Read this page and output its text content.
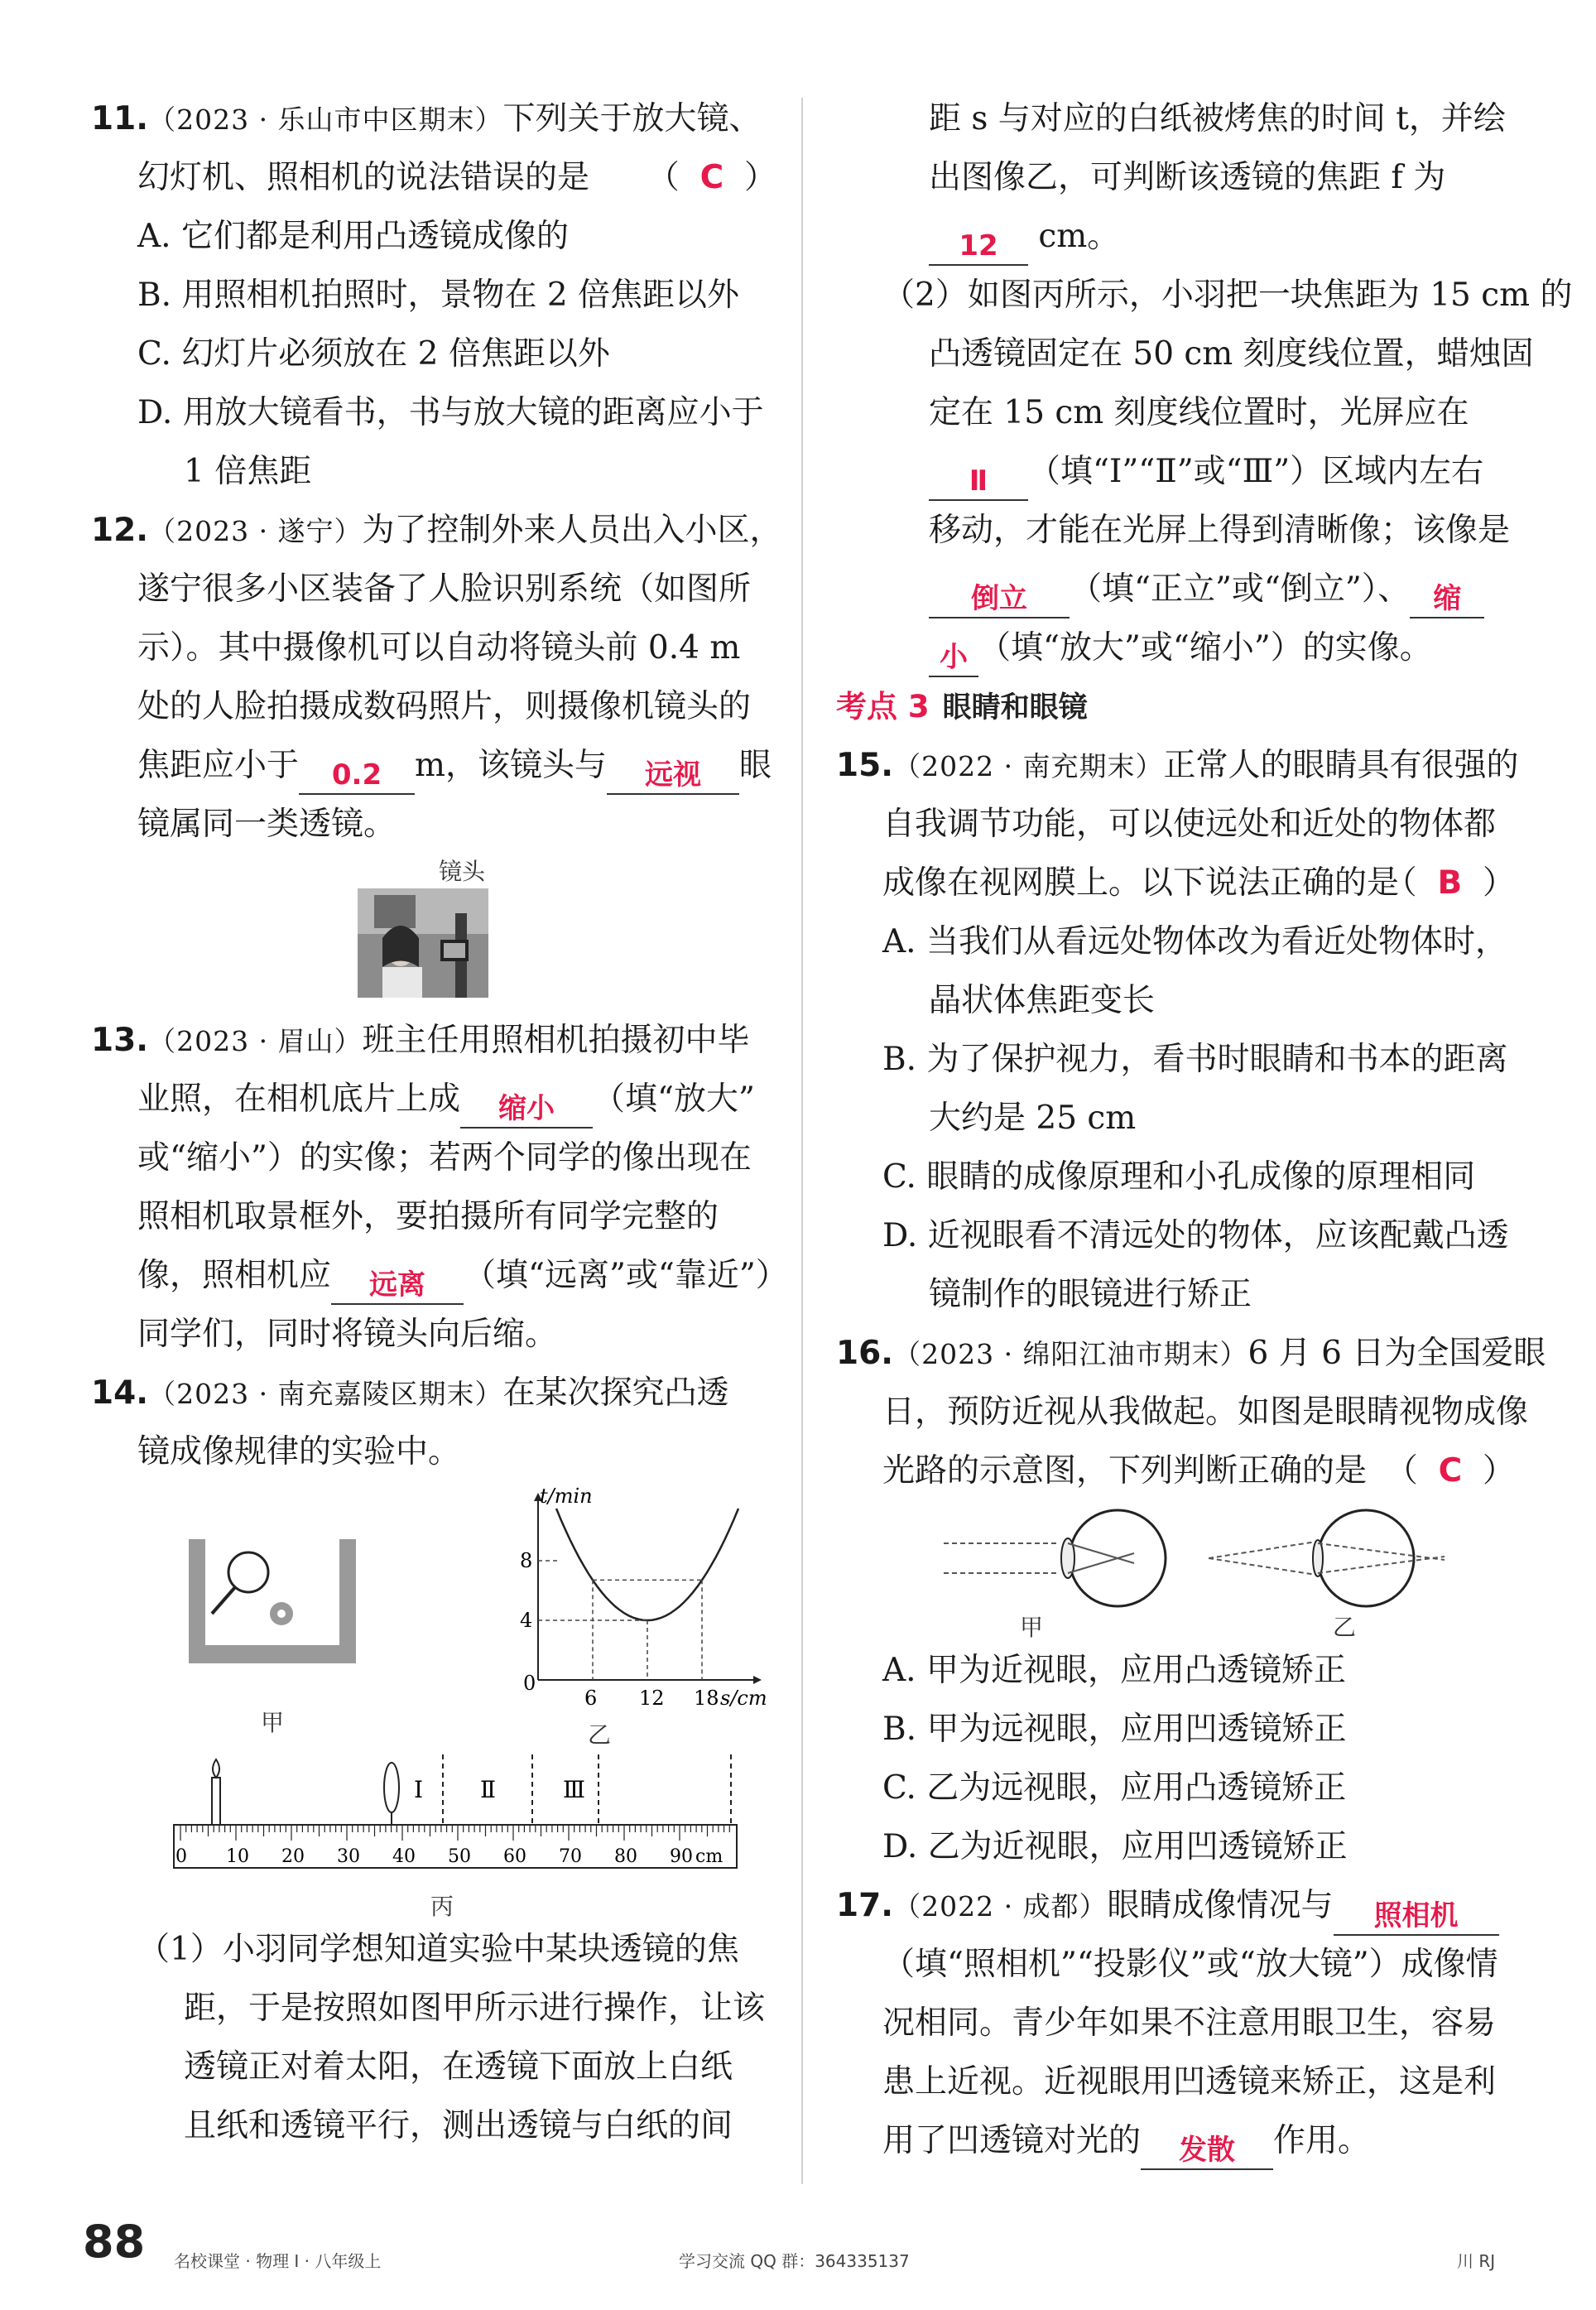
11.（2023 · 乐山市中区期末）下列关于放大镜、
幻灯机、照相机的说法错误的是 （  C  ）
A. 它们都是利用凸透镜成像的
B. 用照相机拍照时，景物在 2 倍焦距以外
C. 幻灯片必须放在 2 倍焦距以外
D. 用放大镜看书，书与放大镜的距离应小于
1 倍焦距
12.（2023 · 遂宁）为了控制外来人员出入小区，
遂宁很多小区装备了人脸识别系统（如图所
示）。其中摄像机可以自动将镜头前 0.4 m
处的人脸拍摄成数码照片，则摄像机镜头的
焦距应小于 0.2 m，该镜头与 远视 眼
镜属同一类透镜。
镜头
13.（2023 · 眉山）班主任用照相机拍摄初中毕
业照，在相机底片上成 缩小 （填“放大”
或“缩小”）的实像；若两个同学的像出现在
照相机取景框外，要拍摄所有同学完整的
像，照相机应 远离 （填“远离”或“靠近”）
同学们，同时将镜头向后缩。
14.（2023 · 南充嘉陵区期末）在某次探究凸透
镜成像规律的实验中。
甲
t/min
s/cm
0
6 12 18
4
8
乙
Ⅰ Ⅱ	Ⅲ
0 10 20 30 40 50 60 70 80 90 cm
丙
（1）小羽同学想知道实验中某块透镜的焦
距，于是按照如图甲所示进行操作，让该
透镜正对着太阳，在透镜下面放上白纸
且纸和透镜平行，测出透镜与白纸的间
距 s 与对应的白纸被烤焦的时间 t，并绘
出图像乙，可判断该透镜的焦距 f 为
12 cm。
（2）如图丙所示，小羽把一块焦距为 15 cm 的
凸透镜固定在 50 cm 刻度线位置，蜡烛固
定在 15 cm 刻度线位置时，光屏应在
Ⅱ （填“Ⅰ”“Ⅱ”或“Ⅲ”）区域内左右
移动，才能在光屏上得到清晰像；该像是
倒立 （填“正立”或“倒立”）、 缩
小 （填“放大”或“缩小”）的实像。
考点 3 眼睛和眼镜
15.（2022 · 南充期末）正常人的眼睛具有很强的
自我调节功能，可以使远处和近处的物体都
成像在视网膜上。以下说法正确的是
（  B  ）
A. 当我们从看远处物体改为看近处物体时，
晶状体焦距变长
B. 为了保护视力，看书时眼睛和书本的距离
大约是 25 cm
C. 眼睛的成像原理和小孔成像的原理相同
D. 近视眼看不清远处的物体，应该配戴凸透
镜制作的眼镜进行矫正
16.（2023 · 绵阳江油市期末）6 月 6 日为全国爱眼
日，预防近视从我做起。如图是眼睛视物成像
光路的示意图，下列判断正确的是 （  C  ）
甲	乙
A. 甲为近视眼，应用凸透镜矫正
B. 甲为远视眼，应用凹透镜矫正
C. 乙为远视眼，应用凸透镜矫正
D. 乙为近视眼，应用凹透镜矫正
17.（2022 · 成都）眼睛成像情况与 照相机
（填“照相机”“投影仪”或“放大镜”）成像情
况相同。青少年如果不注意用眼卫生，容易
患上近视。近视眼用凹透镜来矫正，这是利
用了凹透镜对光的 发散 作用。
88 名校课堂 · 物理 Ⅰ · 八年级上	学习交流 QQ 群：364335137	川 RJ
